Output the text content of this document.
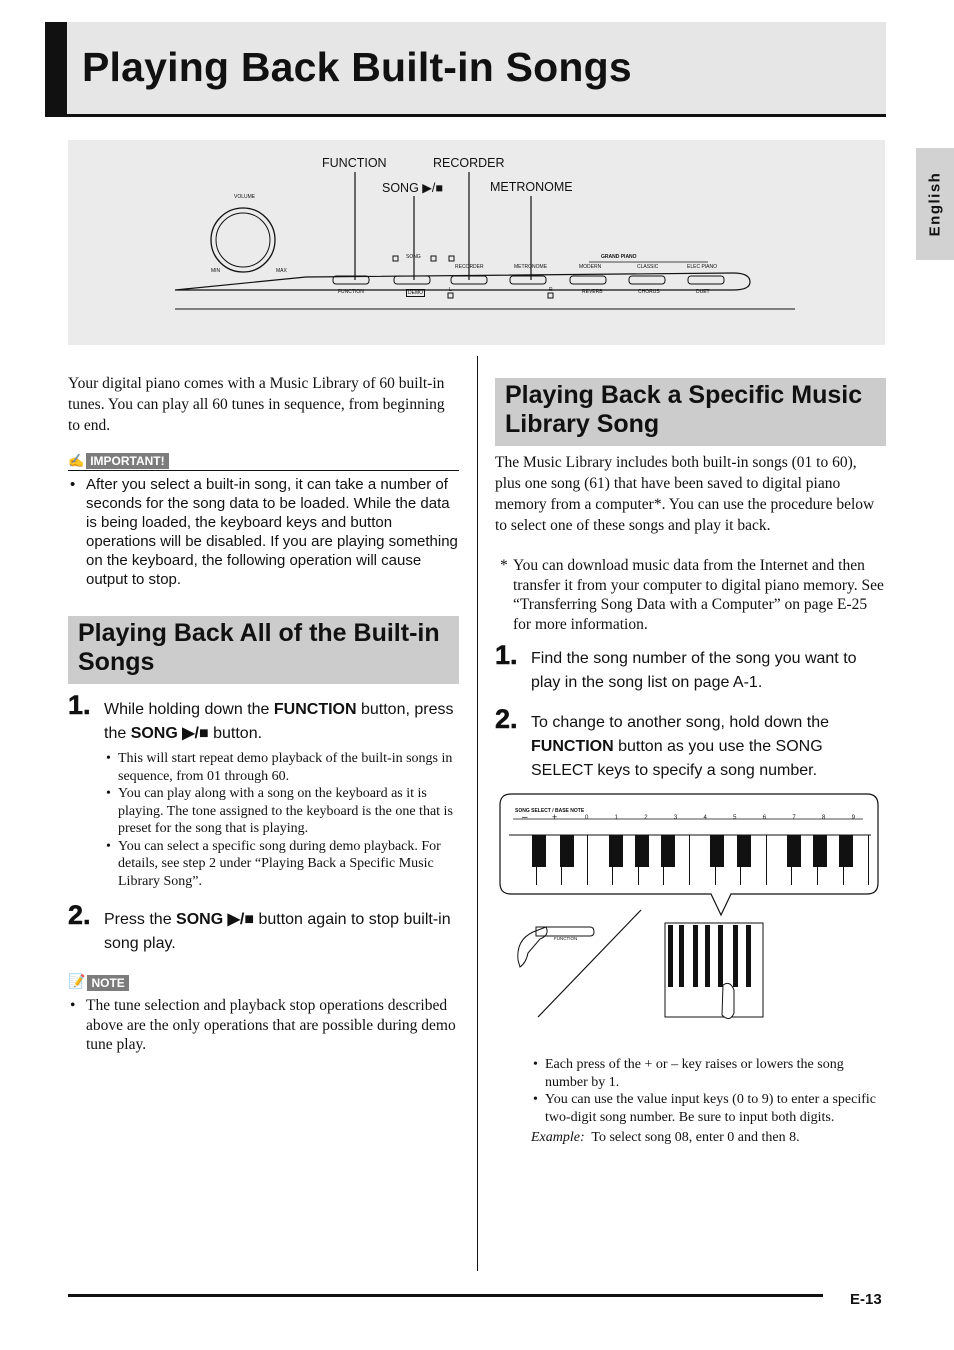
Playing Back Built-in Songs
English
FUNCTION	RECORDER
SONG ▶/■	METRONOME
VOLUME
MIN	MAX
GRAND PIANO
SONG
RECORDER	METRONOME	MODERN	CLASSIC	ELEC PIANO
FUNCTION	DEMO	L	R	REVERB	CHORUS	DUET
Your digital piano comes with a Music Library of 60 built-in tunes. You can play all 60 tunes in sequence, from beginning to end.
✍ IMPORTANT!
• After you select a built-in song, it can take a number of seconds for the song data to be loaded. While the data is being loaded, the keyboard keys and button operations will be disabled. If you are playing something on the keyboard, the following operation will cause output to stop.
Playing Back All of the Built-in Songs
1. While holding down the FUNCTION button, press the SONG ▶/■ button.
• This will start repeat demo playback of the built-in songs in sequence, from 01 through 60.
• You can play along with a song on the keyboard as it is playing. The tone assigned to the keyboard is the one that is preset for the song that is playing.
• You can select a specific song during demo playback. For details, see step 2 under “Playing Back a Specific Music Library Song”.
2. Press the SONG ▶/■ button again to stop built-in song play.
📝 NOTE
• The tune selection and playback stop operations described above are the only operations that are possible during demo tune play.
Playing Back a Specific Music Library Song
The Music Library includes both built-in songs (01 to 60), plus one song (61) that have been saved to digital piano memory from a computer*. You can use the procedure below to select one of these songs and play it back.
* You can download music data from the Internet and then transfer it from your computer to digital piano memory. See “Transferring Song Data with a Computer” on page E-25 for more information.
1. Find the song number of the song you want to play in the song list on page A-1.
2. To change to another song, hold down the FUNCTION button as you use the SONG SELECT keys to specify a song number.
SONG SELECT / BASE NOTE
–	+	0	1	2	3	4	5	6	7	8	9
FUNCTION
• Each press of the + or – key raises or lowers the song number by 1.
• You can use the value input keys (0 to 9) to enter a specific two-digit song number. Be sure to input both digits.
Example: To select song 08, enter 0 and then 8.
E-13
